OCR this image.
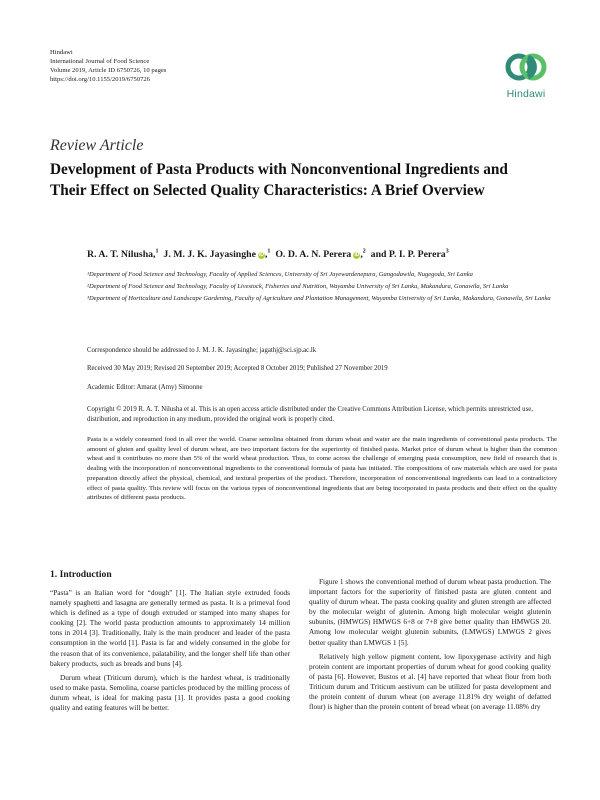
Hindawi
International Journal of Food Science
Volume 2019, Article ID 6750726, 10 pages
https://doi.org/10.1155/2019/6750726
Hindawi
Review Article
Development of Pasta Products with Nonconventional Ingredients and Their Effect on Selected Quality Characteristics: A Brief Overview
R. A. T. Nilusha,$^1$ J. M. J. K. Jayasinghe iD,$^1$ O. D. A. N. Perera iD,$^2$ and P. I. P. Perera$^3$
¹Department of Food Science and Technology, Faculty of Applied Sciences, University of Sri Jayewardenepura, Gangodawila, Nugegoda, Sri Lanka
²Department of Food Science and Technology, Faculty of Livestock, Fisheries and Nutrition, Wayamba University of Sri Lanka, Makandura, Gonawila, Sri Lanka
³Department of Horticulture and Landscape Gardening, Faculty of Agriculture and Plantation Management, Wayamba University of Sri Lanka, Makandura, Gonawila, Sri Lanka
Correspondence should be addressed to J. M. J. K. Jayasinghe; jagathj@sci.sjp.ac.lk
Received 30 May 2019; Revised 20 September 2019; Accepted 8 October 2019; Published 27 November 2019
Academic Editor: Amarat (Amy) Simonne
Copyright © 2019 R. A. T. Nilusha et al. This is an open access article distributed under the Creative Commons Attribution License, which permits unrestricted use, distribution, and reproduction in any medium, provided the original work is properly cited.
Pasta is a widely consumed food in all over the world. Coarse semolina obtained from durum wheat and water are the main ingredients of conventional pasta products. The amount of gluten and quality level of durum wheat, are two important factors for the superiority of finished pasta. Market price of durum wheat is higher than the common wheat and it contributes no more than 5% of the world wheat production. Thus, to come across the challenge of emerging pasta consumption, new field of research that is dealing with the incorporation of nonconventional ingredients to the conventional formula of pasta has initiated. The compositions of raw materials which are used for pasta preparation directly affect the physical, chemical, and textural properties of the product. Therefore, incorporation of nonconventional ingredients can lead to a contradictory effect of pasta quality. This review will focus on the various types of nonconventional ingredients that are being incorporated in pasta products and their effect on the quality attributes of different pasta products.
1. Introduction

“Pasta” is an Italian word for “dough” [1]. The Italian style extruded foods namely spaghetti and lasagna are generally termed as pasta. It is a primeval food which is defined as a type of dough extruded or stamped into many shapes for cooking [2]. The world pasta production amounts to approximately 14 million tons in 2014 [3]. Traditionally, Italy is the main producer and leader of the pasta consumption in the world [1]. Pasta is far and widely consumed in the globe for the reason that of its convenience, palatability, and the longer shelf life than other bakery products, such as breads and buns [4].

Durum wheat (Triticum durum), which is the hardest wheat, is traditionally used to make pasta. Semolina, coarse particles produced by the milling process of durum wheat, is ideal for making pasta [1]. It provides pasta a good cooking quality and eating features will be better.

Figure 1 shows the conventional method of durum wheat pasta production. The important factors for the superiority of finished pasta are gluten content and quality of durum wheat. The pasta cooking quality and gluten strength are affected by the molecular weight of glutenin. Among high molecular weight glutenin subunits, (HMWGS) HMWGS 6+8 or 7+8 give better quality than HMWGS 20. Among low molecular weight glutenin subunits, (LMWGS) LMWGS 2 gives better quality than LMWGS 1 [5].

Relatively high yellow pigment content, low lipoxygenase activity and high protein content are important properties of durum wheat for good cooking quality of pasta [6]. However, Bustos et al. [4] have reported that wheat flour from both Triticum durum and Triticum aestivum can be utilized for pasta development and the protein content of durum wheat (on average 11.81% dry weight of defatted flour) is higher than the protein content of bread wheat (on average 11.08% dry
